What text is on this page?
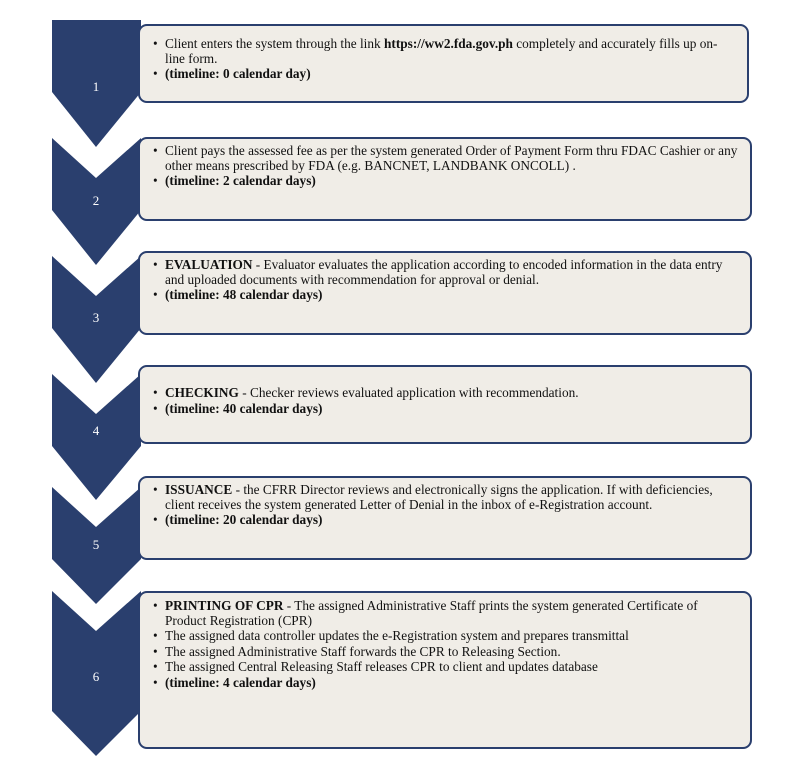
1
2
3
4
5
6
• Client enters the system through the link https://ww2.fda.gov.ph completely and accurately fills up on-line form.
• (timeline: 0 calendar day)
• Client pays the assessed fee as per the system generated Order of Payment Form thru FDAC Cashier or any other means prescribed by FDA (e.g. BANCNET, LANDBANK ONCOLL) .
• (timeline: 2 calendar days)
• EVALUATION - Evaluator evaluates the application according to encoded information in the data entry and uploaded documents with recommendation for approval or denial.
• (timeline: 48 calendar days)
• CHECKING - Checker reviews evaluated application with recommendation.
• (timeline: 40 calendar days)
• ISSUANCE - the CFRR Director reviews and electronically signs the application. If with deficiencies, client receives the system generated Letter of Denial in the inbox of e-Registration account.
• (timeline: 20 calendar days)
• PRINTING OF CPR - The assigned Administrative Staff prints the system generated Certificate of Product Registration (CPR)
• The assigned data controller updates the e-Registration system and prepares transmittal
• The assigned Administrative Staff forwards the CPR to Releasing Section.
• The assigned Central Releasing Staff releases CPR to client and updates database
• (timeline: 4 calendar days)
